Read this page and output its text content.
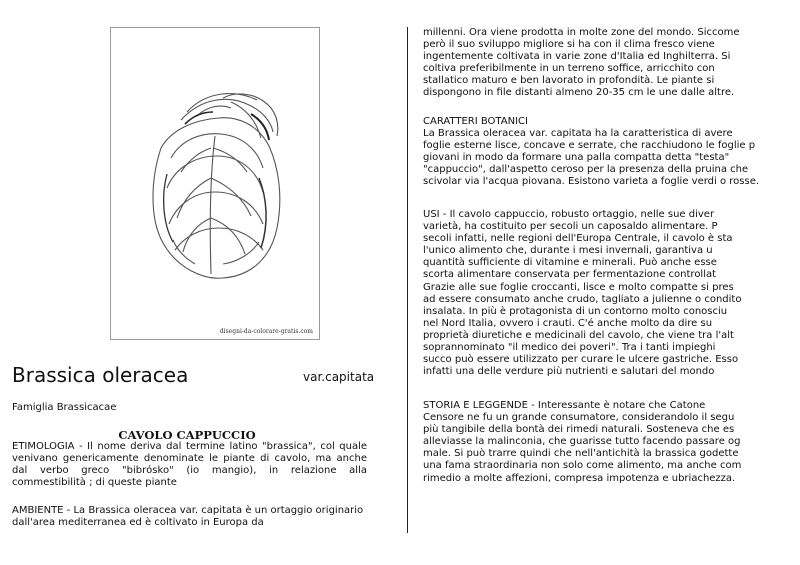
disegni-da-colorare-gratis.com
Brassica oleracea	var.capitata
Famiglia Brassicacae
CAVOLO CAPPUCCIO

ETIMOLOGIA - Il nome deriva dal termine latino "brassica", col quale venivano genericamente denominate le piante di cavolo, ma anche dal verbo greco "bibrόsko" (io mangio), in relazione alla commestibilità ; di queste piante

AMBIENTE - La Brassica oleracea var. capitata è un ortaggio originario dall'area mediterranea ed è coltivato in Europa da

millenni. Ora viene prodotta in molte zone del mondo. Siccome
però il suo sviluppo migliore si ha con il clima fresco viene
ingentemente coltivata in varie zone d'Italia ed Inghilterra. Si
coltiva preferibilmente in un terreno soffice, arricchito con
stallatico maturo e ben lavorato in profondità. Le piante si
dispongono in file distanti almeno 20-35 cm le une dalle altre.
CARATTERI BOTANICI
La Brassica oleracea var. capitata ha la caratteristica di avere
foglie esterne lisce, concave e serrate, che racchiudono le foglie p
giovani in modo da formare una palla compatta detta "testa"
"cappuccio", dall'aspetto ceroso per la presenza della pruina che
scivolar via l'acqua piovana. Esistono varieta a foglie verdi o rosse.
USI - Il cavolo cappuccio, robusto ortaggio, nelle sue diver
varietà, ha costituito per secoli un caposaldo alimentare. P
secoli infatti, nelle regioni dell'Europa Centrale, il cavolo è sta
l'unico alimento che, durante i mesi invernali, garantiva u
quantità sufficiente di vitamine e minerali. Può anche esse
scorta alimentare conservata per fermentazione controllat
Grazie alle sue foglie croccanti, lisce e molto compatte si pres
ad essere consumato anche crudo, tagliato a julienne o condito
insalata. In più è protagonista di un contorno molto conosciu
nel Nord Italia, ovvero i crauti. C'é anche molto da dire su
proprietà diuretiche e medicinali del cavolo, che viene tra l'alt
soprannominato "il medico dei poveri". Tra i tanti impieghi
succo può essere utilizzato per curare le ulcere gastriche. Esso
infatti una delle verdure più nutrienti e salutari del mondo
STORIA E LEGGENDE - Interessante è notare che Catone
Censore ne fu un grande consumatore, considerandolo il segu
più tangibile della bontà dei rimedi naturali. Sosteneva che es
alleviasse la malinconia, che guarisse tutto facendo passare og
male. Si può trarre quindi che nell'antichità la brassica godette
una fama straordinaria non solo come alimento, ma anche com
rimedio a molte affezioni, compresa impotenza e ubriachezza.
